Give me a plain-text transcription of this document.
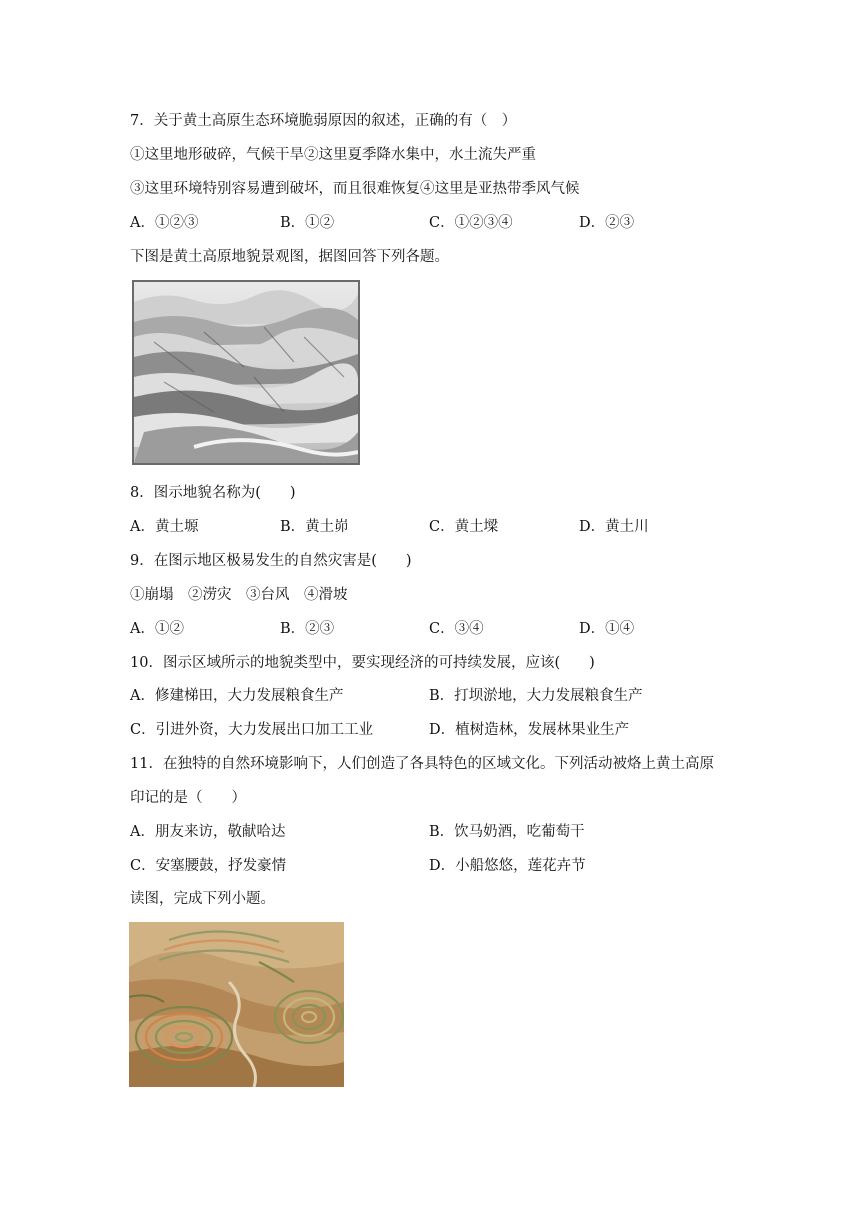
7．关于黄土高原生态环境脆弱原因的叙述，正确的有（　）
①这里地形破碎，气候干旱②这里夏季降水集中，水土流失严重
③这里环境特别容易遭到破坏，而且很难恢复④这里是亚热带季风气候
A．①②③	B．①②	C．①②③④	D．②③
下图是黄土高原地貌景观图，据图回答下列各题。
8．图示地貌名称为(　　)
A．黄土塬	B．黄土峁	C．黄土墚	D．黄土川
9．在图示地区极易发生的自然灾害是(　　)
①崩塌　②涝灾　③台风　④滑坡
A．①②	B．②③	C．③④	D．①④
10．图示区域所示的地貌类型中，要实现经济的可持续发展，应该(　　)
A．修建梯田，大力发展粮食生产	B．打坝淤地，大力发展粮食生产
C．引进外资，大力发展出口加工工业	D．植树造林，发展林果业生产
11．在独特的自然环境影响下，人们创造了各具特色的区域文化。下列活动被烙上黄土高原
印记的是（　　）
A．朋友来访，敬献哈达	B．饮马奶酒，吃葡萄干
C．安塞腰鼓，抒发豪情	D．小船悠悠，莲花卉节
读图，完成下列小题。
